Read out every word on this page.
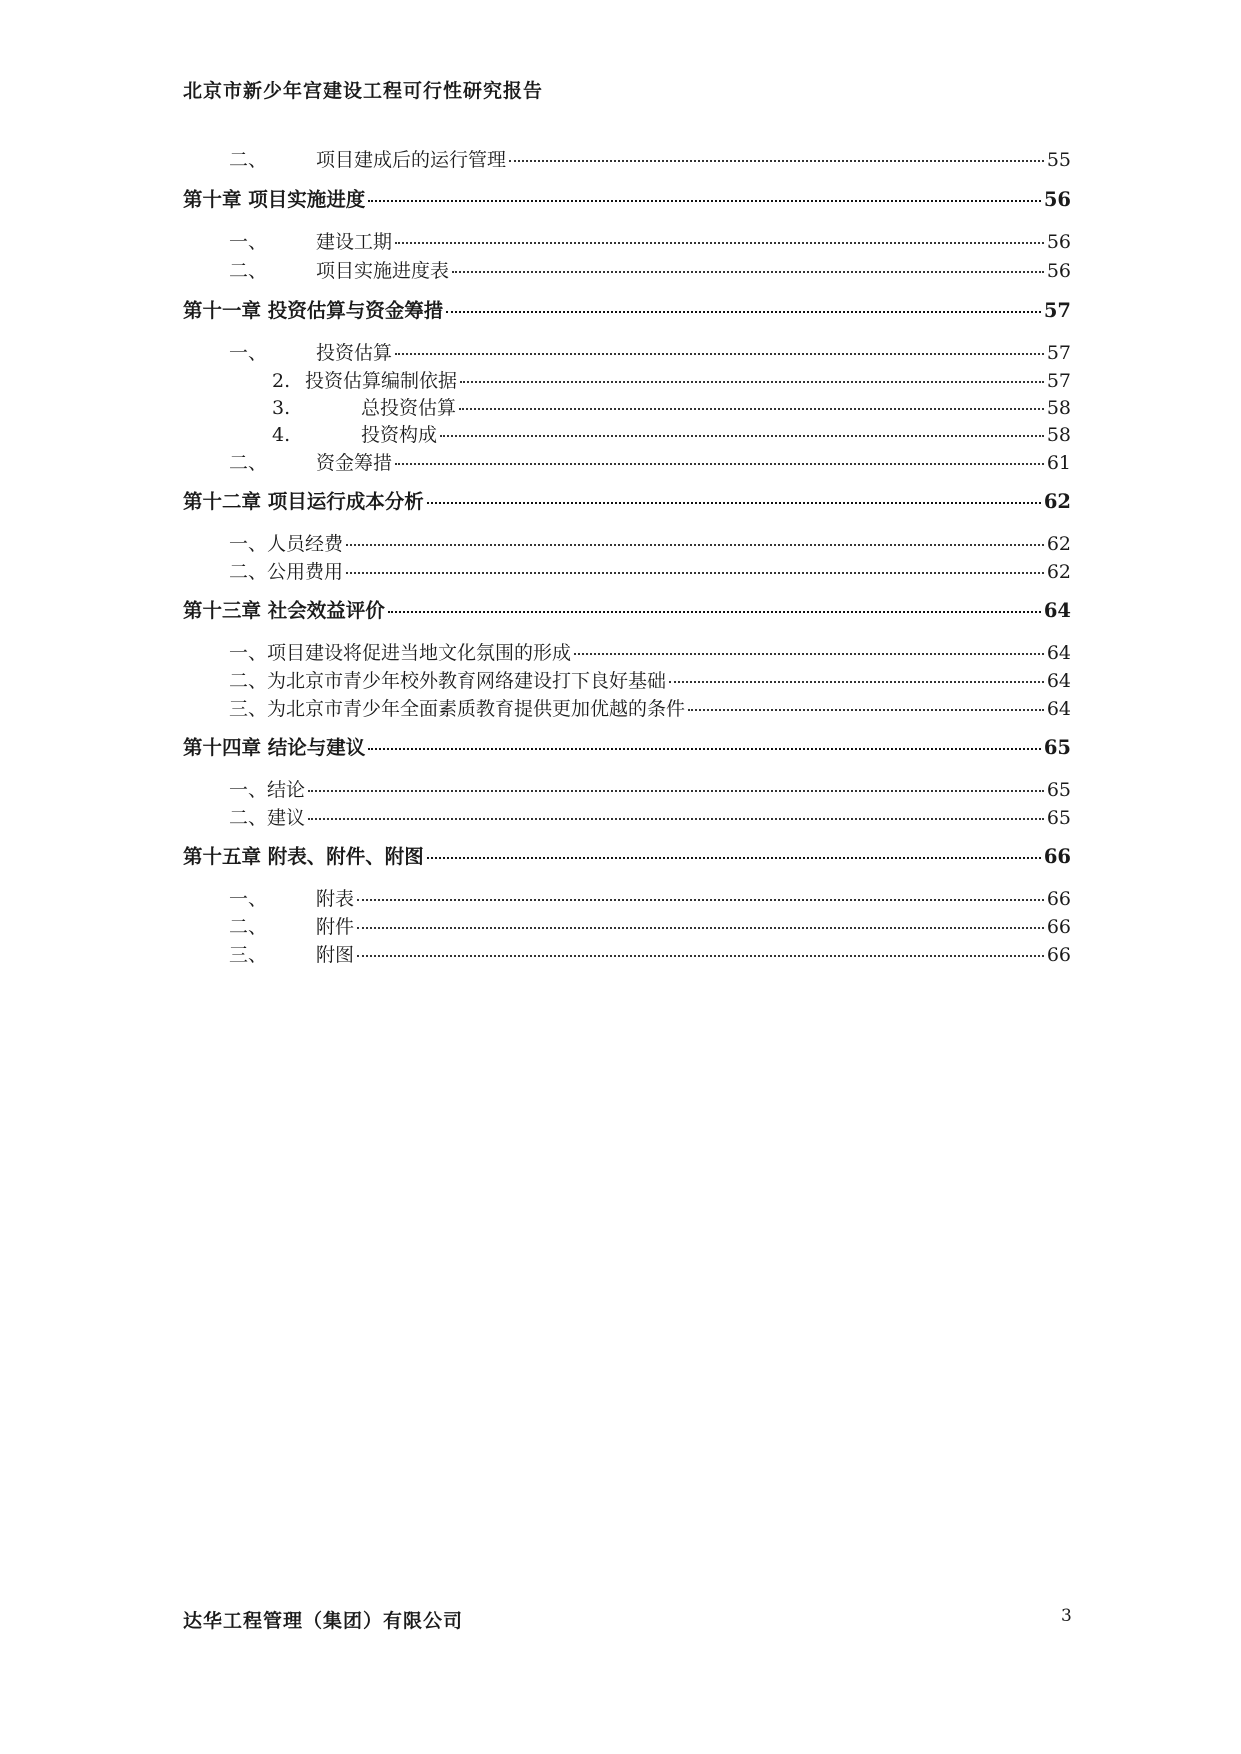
北京市新少年宫建设工程可行性研究报告
二、	项目建成后的运行管理	55
第十章 项目实施进度	56
一、	建设工期	56
二、	项目实施进度表	56
第十一章 投资估算与资金筹措	57
一、	投资估算	57
2. 投资估算编制依据	57
3.	总投资估算	58
4.	投资构成	58
二、	资金筹措	61
第十二章 项目运行成本分析	62
一、 人员经费	62
二、 公用费用	62
第十三章 社会效益评价	64
一、 项目建设将促进当地文化氛围的形成	64
二、 为北京市青少年校外教育网络建设打下良好基础	64
三、 为北京市青少年全面素质教育提供更加优越的条件	64
第十四章 结论与建议	65
一、 结论	65
二、 建议	65
第十五章 附表、附件、附图	66
一、	附表	66
二、	附件	66
三、	附图	66
达华工程管理（集团）有限公司	3
